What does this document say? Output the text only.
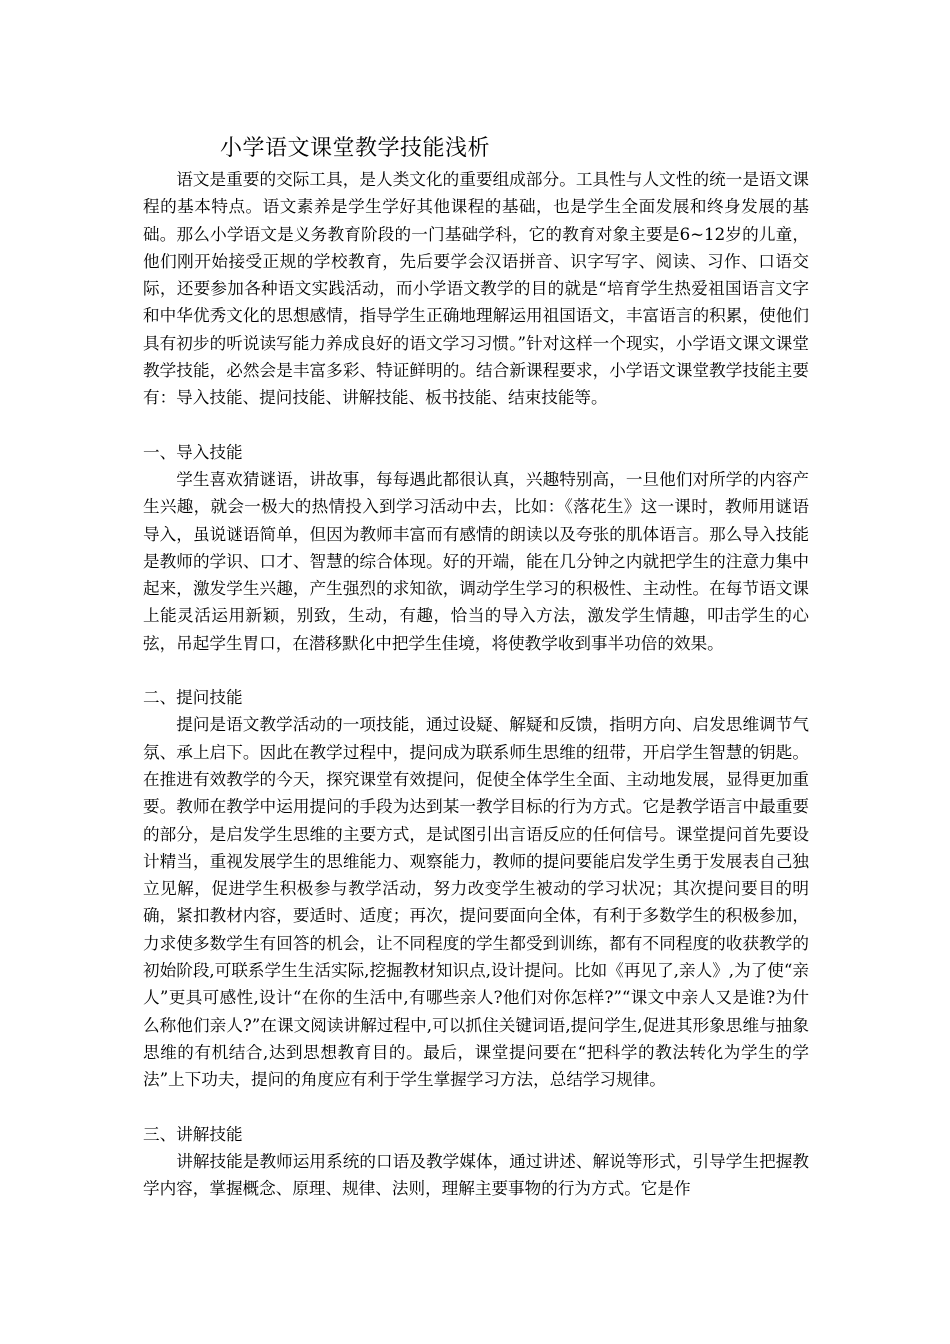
小学语文课堂教学技能浅析

语文是重要的交际工具，是人类文化的重要组成部分。工具性与人文性的统一是语文课程的基本特点。语文素养是学生学好其他课程的基础，也是学生全面发展和终身发展的基础。那么小学语文是义务教育阶段的一门基础学科，它的教育对象主要是6~12岁的儿童，他们刚开始接受正规的学校教育，先后要学会汉语拼音、识字写字、阅读、习作、口语交际，还要参加各种语文实践活动，而小学语文教学的目的就是“培育学生热爱祖国语言文字和中华优秀文化的思想感情，指导学生正确地理解运用祖国语文，丰富语言的积累，使他们具有初步的听说读写能力养成良好的语文学习习惯。”针对这样一个现实，小学语文课文课堂教学技能，必然会是丰富多彩、特证鲜明的。结合新课程要求，小学语文课堂教学技能主要有：导入技能、提问技能、讲解技能、板书技能、结束技能等。

一、导入技能

学生喜欢猜谜语，讲故事，每每遇此都很认真，兴趣特别高，一旦他们对所学的内容产生兴趣，就会一极大的热情投入到学习活动中去，比如：《落花生》这一课时，教师用谜语导入，虽说谜语简单，但因为教师丰富而有感情的朗读以及夸张的肌体语言。那么导入技能是教师的学识、口才、智慧的综合体现。好的开端，能在几分钟之内就把学生的注意力集中起来，激发学生兴趣，产生强烈的求知欲，调动学生学习的积极性、主动性。在每节语文课上能灵活运用新颖，别致，生动，有趣，恰当的导入方法，激发学生情趣，叩击学生的心弦，吊起学生胃口，在潜移默化中把学生佳境，将使教学收到事半功倍的效果。

二、提问技能

提问是语文教学活动的一项技能，通过设疑、解疑和反馈，指明方向、启发思维调节气氛、承上启下。因此在教学过程中，提问成为联系师生思维的纽带，开启学生智慧的钥匙。在推进有效教学的今天，探究课堂有效提问，促使全体学生全面、主动地发展，显得更加重要。教师在教学中运用提问的手段为达到某一教学目标的行为方式。它是教学语言中最重要的部分，是启发学生思维的主要方式，是试图引出言语反应的任何信号。课堂提问首先要设计精当，重视发展学生的思维能力、观察能力，教师的提问要能启发学生勇于发展表自己独立见解，促进学生积极参与教学活动，努力改变学生被动的学习状况；其次提问要目的明确，紧扣教材内容，要适时、适度；再次，提问要面向全体，有利于多数学生的积极参加，力求使多数学生有回答的机会，让不同程度的学生都受到训练，都有不同程度的收获教学的初始阶段,可联系学生生活实际,挖掘教材知识点,设计提问。比如《再见了,亲人》,为了使“亲人”更具可感性,设计“在你的生活中,有哪些亲人?他们对你怎样?”“课文中亲人又是谁?为什么称他们亲人?”在课文阅读讲解过程中,可以抓住关键词语,提问学生,促进其形象思维与抽象思维的有机结合,达到思想教育目的。最后，课堂提问要在“把科学的教法转化为学生的学法”上下功夫，提问的角度应有利于学生掌握学习方法，总结学习规律。

三、讲解技能

讲解技能是教师运用系统的口语及教学媒体，通过讲述、解说等形式，引导学生把握教学内容，掌握概念、原理、规律、法则，理解主要事物的行为方式。它是作
